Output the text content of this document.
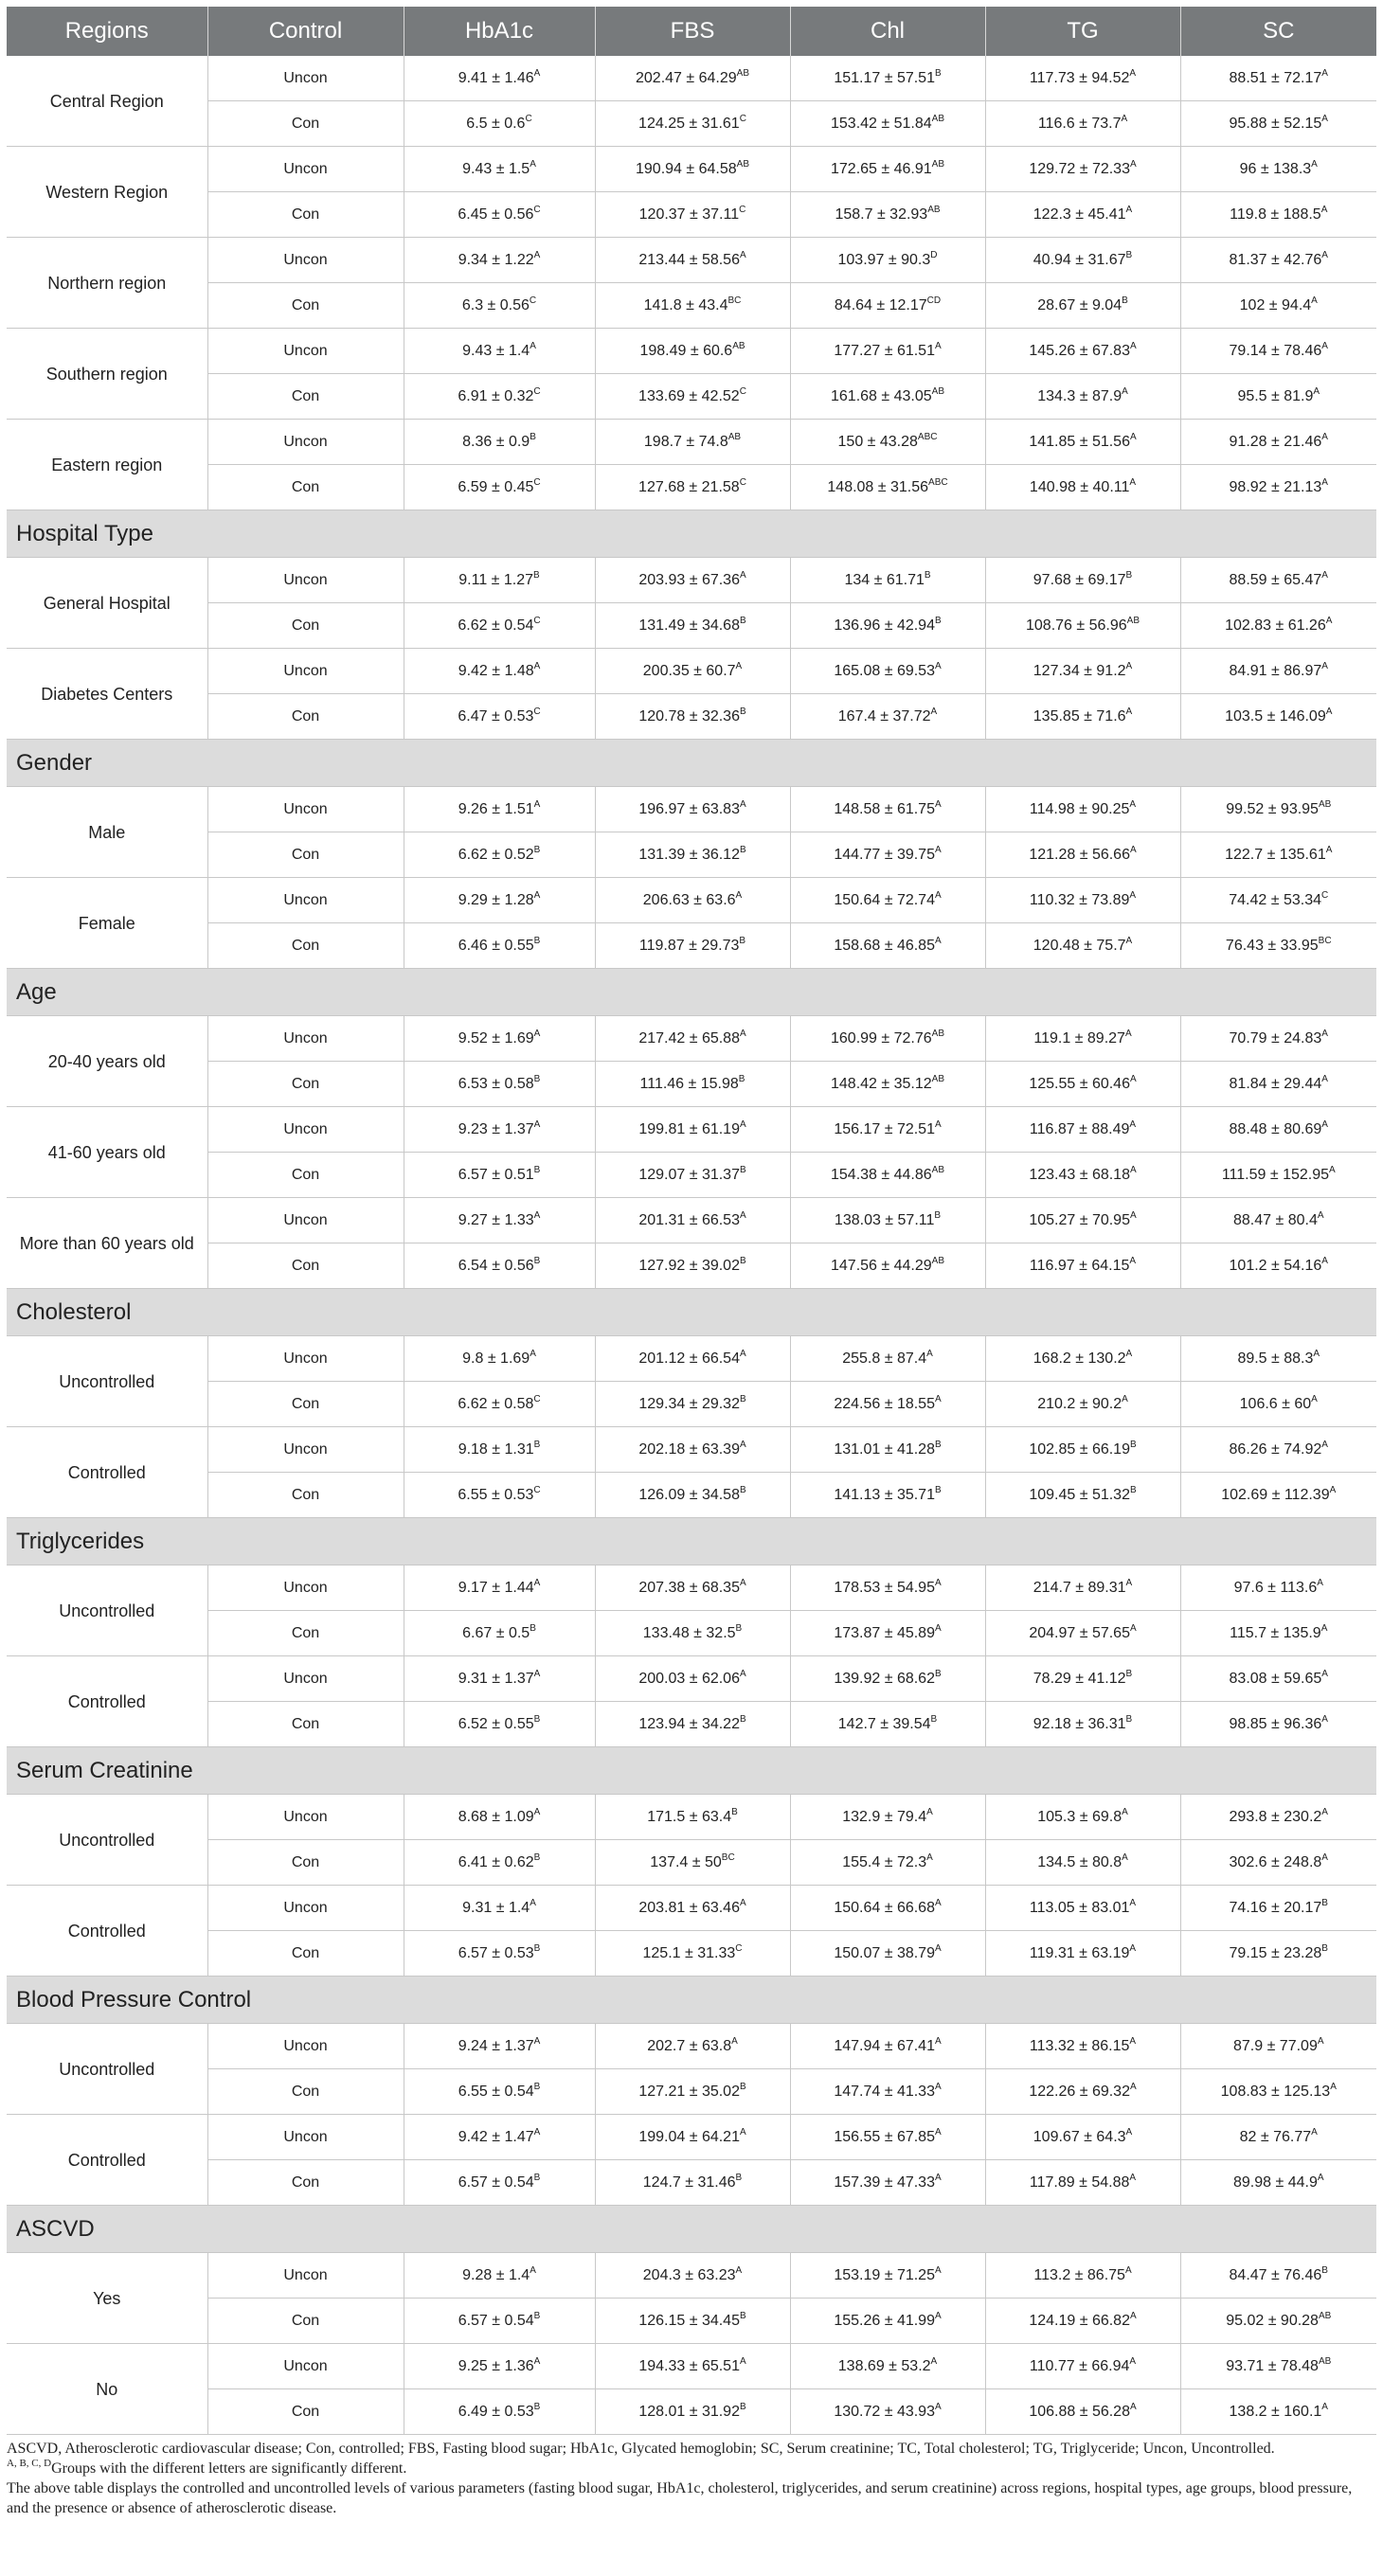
Regions	Control	HbA1c	FBS	Chl	TG	SC
Central Region	Uncon	$9.41 \pm 1.46^A$	$202.47 \pm 64.29^{AB}$	$151.17 \pm 57.51^B$	$117.73 \pm 94.52^A$	$88.51 \pm 72.17^A$
	Con	$6.5 \pm 0.6^C$	$124.25 \pm 31.61^C$	$153.42 \pm 51.84^{AB}$	$116.6 \pm 73.7^A$	$95.88 \pm 52.15^A$
Western Region	Uncon	$9.43 \pm 1.5^A$	$190.94 \pm 64.58^{AB}$	$172.65 \pm 46.91^{AB}$	$129.72 \pm 72.33^A$	$96 \pm 138.3^A$
	Con	$6.45 \pm 0.56^C$	$120.37 \pm 37.11^C$	$158.7 \pm 32.93^{AB}$	$122.3 \pm 45.41^A$	$119.8 \pm 188.5^A$
Northern region	Uncon	$9.34 \pm 1.22^A$	$213.44 \pm 58.56^A$	$103.97 \pm 90.3^D$	$40.94 \pm 31.67^B$	$81.37 \pm 42.76^A$
	Con	$6.3 \pm 0.56^C$	$141.8 \pm 43.4^{BC}$	$84.64 \pm 12.17^{CD}$	$28.67 \pm 9.04^B$	$102 \pm 94.4^A$
Southern region	Uncon	$9.43 \pm 1.4^A$	$198.49 \pm 60.6^{AB}$	$177.27 \pm 61.51^A$	$145.26 \pm 67.83^A$	$79.14 \pm 78.46^A$
	Con	$6.91 \pm 0.32^C$	$133.69 \pm 42.52^C$	$161.68 \pm 43.05^{AB}$	$134.3 \pm 87.9^A$	$95.5 \pm 81.9^A$
Eastern region	Uncon	$8.36 \pm 0.9^B$	$198.7 \pm 74.8^{AB}$	$150 \pm 43.28^{ABC}$	$141.85 \pm 51.56^A$	$91.28 \pm 21.46^A$
	Con	$6.59 \pm 0.45^C$	$127.68 \pm 21.58^C$	$148.08 \pm 31.56^{ABC}$	$140.98 \pm 40.11^A$	$98.92 \pm 21.13^A$
Hospital Type						
General Hospital	Uncon	$9.11 \pm 1.27^B$	$203.93 \pm 67.36^A$	$134 \pm 61.71^B$	$97.68 \pm 69.17^B$	$88.59 \pm 65.47^A$
	Con	$6.62 \pm 0.54^C$	$131.49 \pm 34.68^B$	$136.96 \pm 42.94^B$	$108.76 \pm 56.96^{AB}$	$102.83 \pm 61.26^A$
Diabetes Centers	Uncon	$9.42 \pm 1.48^A$	$200.35 \pm 60.7^A$	$165.08 \pm 69.53^A$	$127.34 \pm 91.2^A$	$84.91 \pm 86.97^A$
	Con	$6.47 \pm 0.53^C$	$120.78 \pm 32.36^B$	$167.4 \pm 37.72^A$	$135.85 \pm 71.6^A$	$103.5 \pm 146.09^A$
Gender						
Male	Uncon	$9.26 \pm 1.51^A$	$196.97 \pm 63.83^A$	$148.58 \pm 61.75^A$	$114.98 \pm 90.25^A$	$99.52 \pm 93.95^{AB}$
	Con	$6.62 \pm 0.52^B$	$131.39 \pm 36.12^B$	$144.77 \pm 39.75^A$	$121.28 \pm 56.66^A$	$122.7 \pm 135.61^A$
Female	Uncon	$9.29 \pm 1.28^A$	$206.63 \pm 63.6^A$	$150.64 \pm 72.74^A$	$110.32 \pm 73.89^A$	$74.42 \pm 53.34^C$
	Con	$6.46 \pm 0.55^B$	$119.87 \pm 29.73^B$	$158.68 \pm 46.85^A$	$120.48 \pm 75.7^A$	$76.43 \pm 33.95^{BC}$
Age						
20-40 years old	Uncon	$9.52 \pm 1.69^A$	$217.42 \pm 65.88^A$	$160.99 \pm 72.76^{AB}$	$119.1 \pm 89.27^A$	$70.79 \pm 24.83^A$
	Con	$6.53 \pm 0.58^B$	$111.46 \pm 15.98^B$	$148.42 \pm 35.12^{AB}$	$125.55 \pm 60.46^A$	$81.84 \pm 29.44^A$
41-60 years old	Uncon	$9.23 \pm 1.37^A$	$199.81 \pm 61.19^A$	$156.17 \pm 72.51^A$	$116.87 \pm 88.49^A$	$88.48 \pm 80.69^A$
	Con	$6.57 \pm 0.51^B$	$129.07 \pm 31.37^B$	$154.38 \pm 44.86^{AB}$	$123.43 \pm 68.18^A$	$111.59 \pm 152.95^A$
More than 60 years old	Uncon	$9.27 \pm 1.33^A$	$201.31 \pm 66.53^A$	$138.03 \pm 57.11^B$	$105.27 \pm 70.95^A$	$88.47 \pm 80.4^A$
	Con	$6.54 \pm 0.56^B$	$127.92 \pm 39.02^B$	$147.56 \pm 44.29^{AB}$	$116.97 \pm 64.15^A$	$101.2 \pm 54.16^A$
Cholesterol						
Uncontrolled	Uncon	$9.8 \pm 1.69^A$	$201.12 \pm 66.54^A$	$255.8 \pm 87.4^A$	$168.2 \pm 130.2^A$	$89.5 \pm 88.3^A$
	Con	$6.62 \pm 0.58^C$	$129.34 \pm 29.32^B$	$224.56 \pm 18.55^A$	$210.2 \pm 90.2^A$	$106.6 \pm 60^A$
Controlled	Uncon	$9.18 \pm 1.31^B$	$202.18 \pm 63.39^A$	$131.01 \pm 41.28^B$	$102.85 \pm 66.19^B$	$86.26 \pm 74.92^A$
	Con	$6.55 \pm 0.53^C$	$126.09 \pm 34.58^B$	$141.13 \pm 35.71^B$	$109.45 \pm 51.32^B$	$102.69 \pm 112.39^A$
Triglycerides						
Uncontrolled	Uncon	$9.17 \pm 1.44^A$	$207.38 \pm 68.35^A$	$178.53 \pm 54.95^A$	$214.7 \pm 89.31^A$	$97.6 \pm 113.6^A$
	Con	$6.67 \pm 0.5^B$	$133.48 \pm 32.5^B$	$173.87 \pm 45.89^A$	$204.97 \pm 57.65^A$	$115.7 \pm 135.9^A$
Controlled	Uncon	$9.31 \pm 1.37^A$	$200.03 \pm 62.06^A$	$139.92 \pm 68.62^B$	$78.29 \pm 41.12^B$	$83.08 \pm 59.65^A$
	Con	$6.52 \pm 0.55^B$	$123.94 \pm 34.22^B$	$142.7 \pm 39.54^B$	$92.18 \pm 36.31^B$	$98.85 \pm 96.36^A$
Serum Creatinine						
Uncontrolled	Uncon	$8.68 \pm 1.09^A$	$171.5 \pm 63.4^B$	$132.9 \pm 79.4^A$	$105.3 \pm 69.8^A$	$293.8 \pm 230.2^A$
	Con	$6.41 \pm 0.62^B$	$137.4 \pm 50^{BC}$	$155.4 \pm 72.3^A$	$134.5 \pm 80.8^A$	$302.6 \pm 248.8^A$
Controlled	Uncon	$9.31 \pm 1.4^A$	$203.81 \pm 63.46^A$	$150.64 \pm 66.68^A$	$113.05 \pm 83.01^A$	$74.16 \pm 20.17^B$
	Con	$6.57 \pm 0.53^B$	$125.1 \pm 31.33^C$	$150.07 \pm 38.79^A$	$119.31 \pm 63.19^A$	$79.15 \pm 23.28^B$
Blood Pressure Control						
Uncontrolled	Uncon	$9.24 \pm 1.37^A$	$202.7 \pm 63.8^A$	$147.94 \pm 67.41^A$	$113.32 \pm 86.15^A$	$87.9 \pm 77.09^A$
	Con	$6.55 \pm 0.54^B$	$127.21 \pm 35.02^B$	$147.74 \pm 41.33^A$	$122.26 \pm 69.32^A$	$108.83 \pm 125.13^A$
Controlled	Uncon	$9.42 \pm 1.47^A$	$199.04 \pm 64.21^A$	$156.55 \pm 67.85^A$	$109.67 \pm 64.3^A$	$82 \pm 76.77^A$
	Con	$6.57 \pm 0.54^B$	$124.7 \pm 31.46^B$	$157.39 \pm 47.33^A$	$117.89 \pm 54.88^A$	$89.98 \pm 44.9^A$
ASCVD						
Yes	Uncon	$9.28 \pm 1.4^A$	$204.3 \pm 63.23^A$	$153.19 \pm 71.25^A$	$113.2 \pm 86.75^A$	$84.47 \pm 76.46^B$
	Con	$6.57 \pm 0.54^B$	$126.15 \pm 34.45^B$	$155.26 \pm 41.99^A$	$124.19 \pm 66.82^A$	$95.02 \pm 90.28^{AB}$
No	Uncon	$9.25 \pm 1.36^A$	$194.33 \pm 65.51^A$	$138.69 \pm 53.2^A$	$110.77 \pm 66.94^A$	$93.71 \pm 78.48^{AB}$
	Con	$6.49 \pm 0.53^B$	$128.01 \pm 31.92^B$	$130.72 \pm 43.93^A$	$106.88 \pm 56.28^A$	$138.2 \pm 160.1^A$

ASCVD, Atherosclerotic cardiovascular disease; Con, controlled; FBS, Fasting blood sugar; HbA1c, Glycated hemoglobin; SC, Serum creatinine; TC, Total cholesterol; TG, Triglyceride; Uncon, Uncontrolled.

$^{A, B, C, D}$Groups with the different letters are significantly different.

The above table displays the controlled and uncontrolled levels of various parameters (fasting blood sugar, HbA1c, cholesterol, triglycerides, and serum creatinine) across regions, hospital types, age groups, blood pressure, and the presence or absence of atherosclerotic disease.
